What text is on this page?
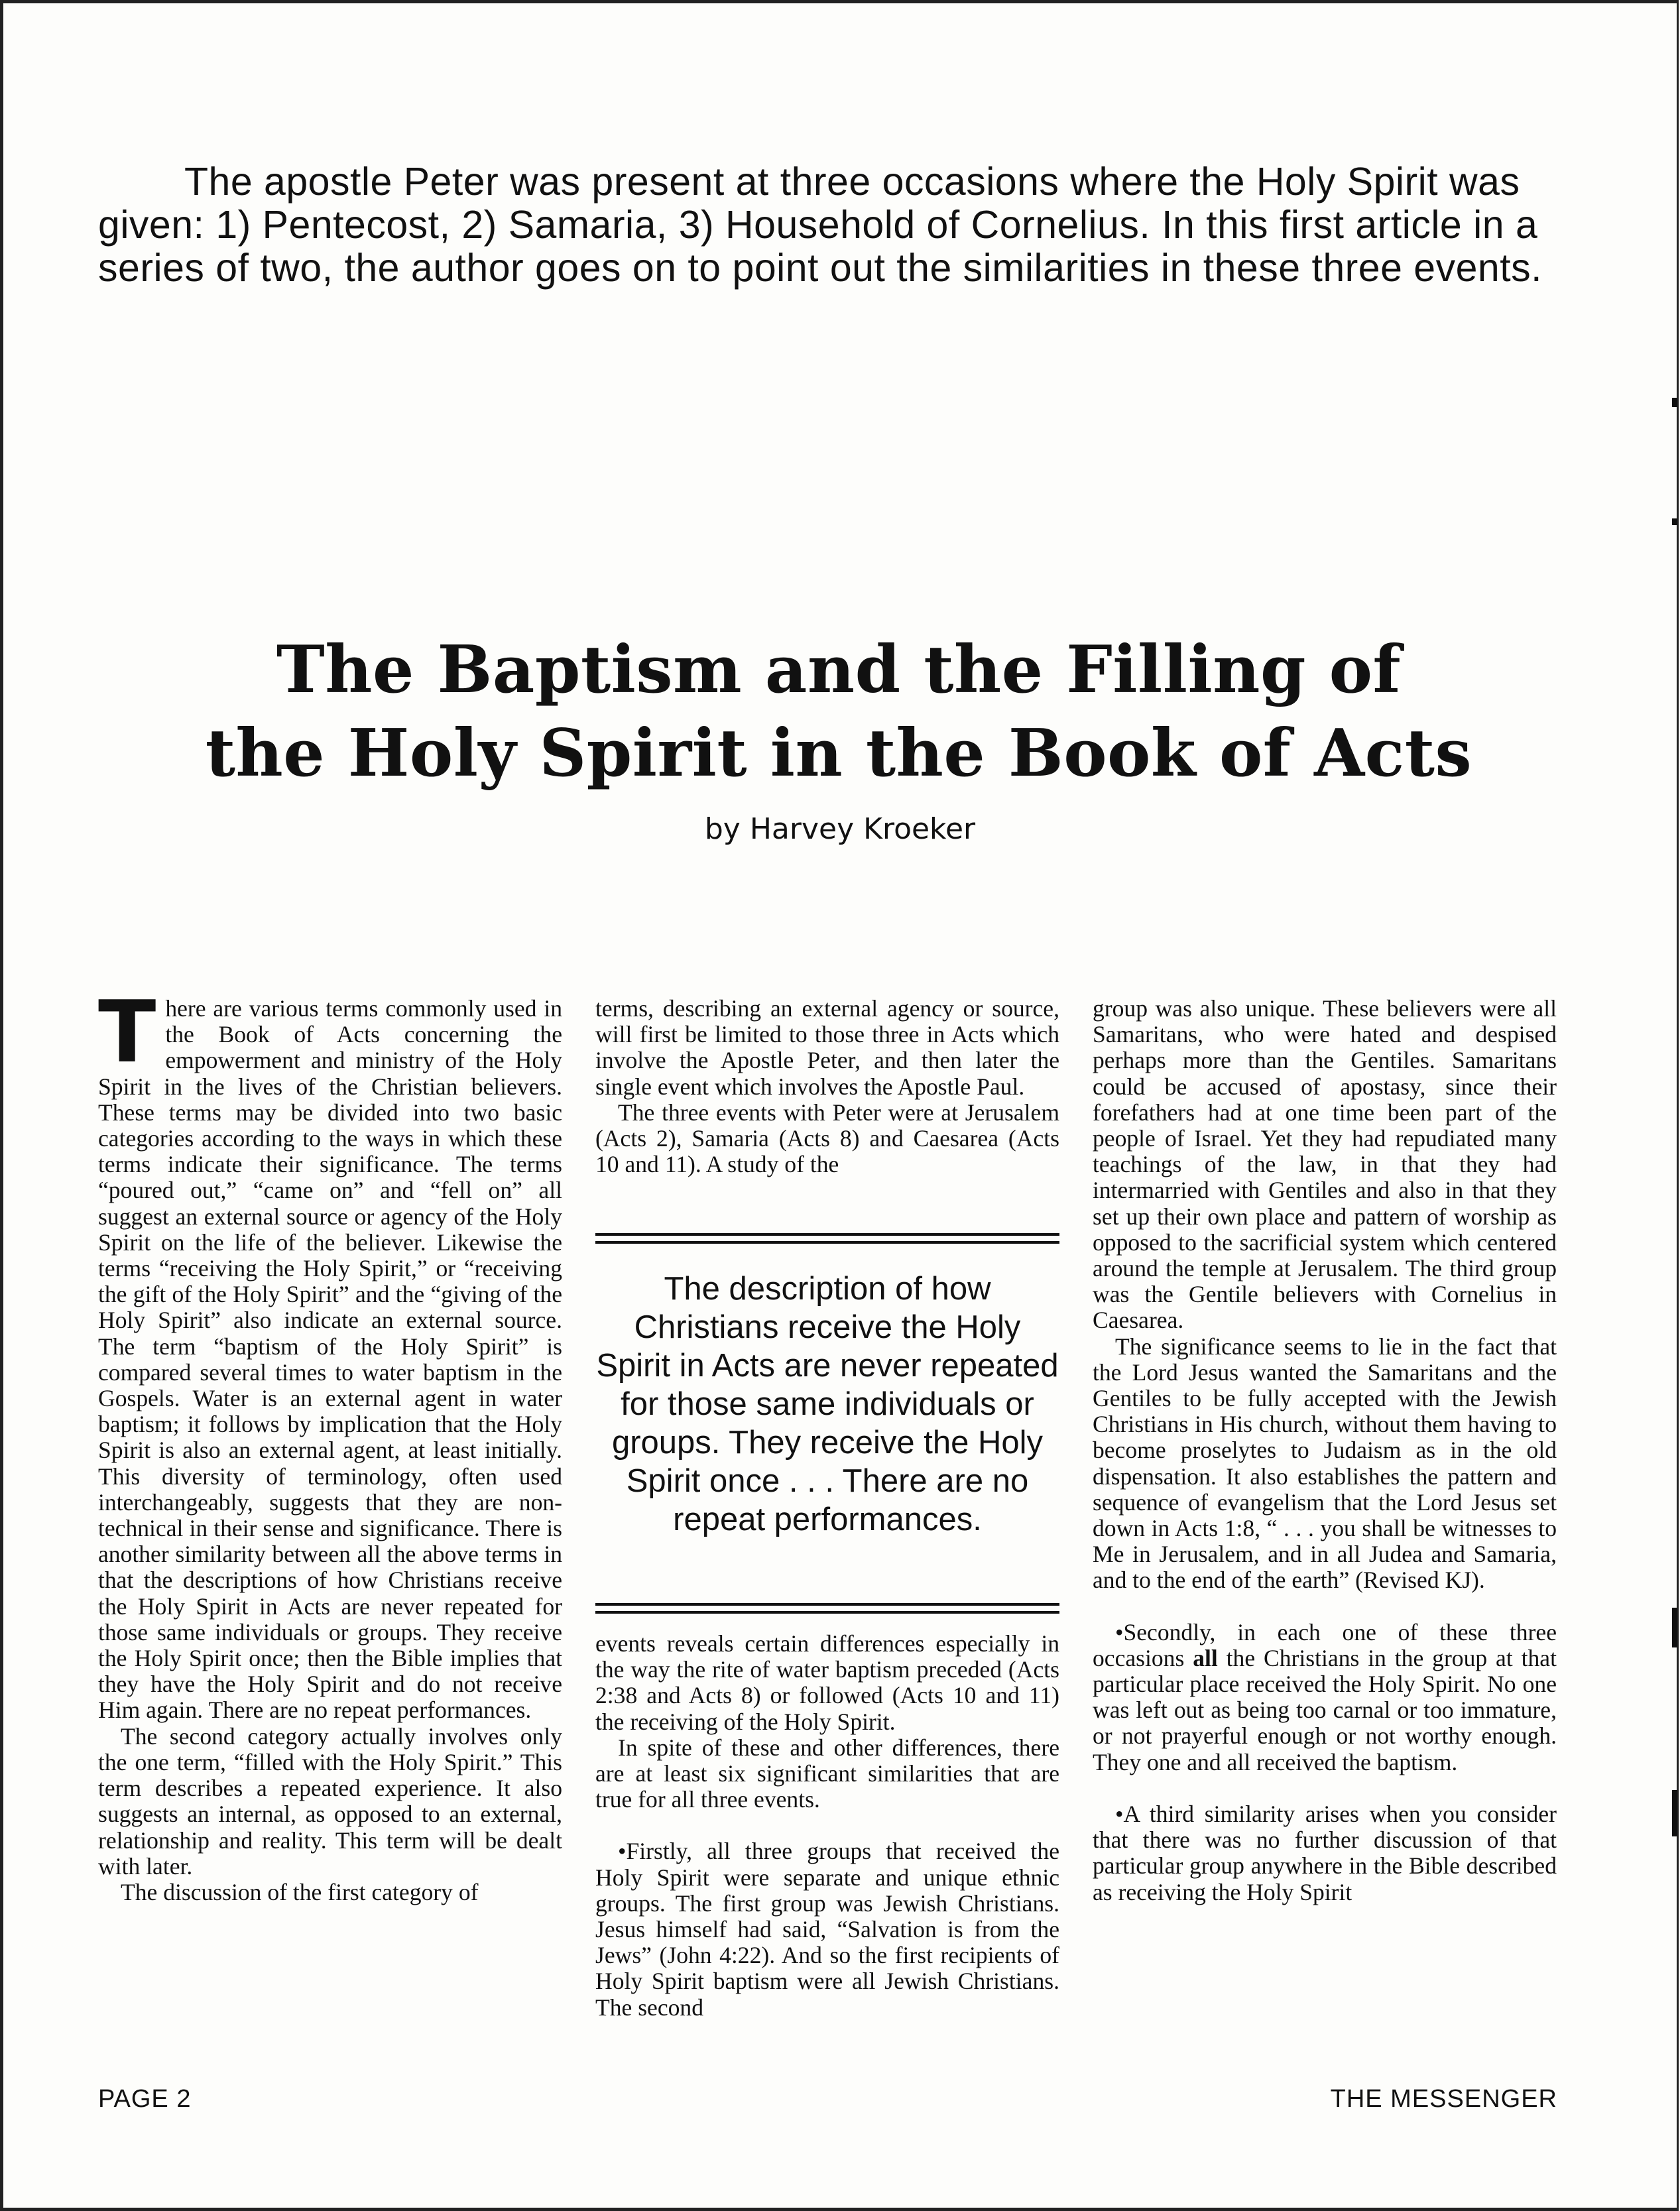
The apostle Peter was present at three occasions where the Holy Spirit was given: 1) Pentecost, 2) Samaria, 3) Household of Cornelius. In this first article in a series of two, the author goes on to point out the similarities in these three events.

The Baptism and the Filling of
the Holy Spirit in the Book of Acts
by Harvey Kroeker

There are various terms commonly used in the Book of Acts concerning the empowerment and ministry of the Holy Spirit in the lives of the Christian believers. These terms may be divided into two basic categories according to the ways in which these terms indicate their significance. The terms “poured out,” “came on” and “fell on” all suggest an external source or agency of the Holy Spirit on the life of the believer. Likewise the terms “receiving the Holy Spirit,” or “receiving the gift of the Holy Spirit” and the “giving of the Holy Spirit” also indicate an external source. The term “baptism of the Holy Spirit” is compared several times to water baptism in the Gospels. Water is an external agent in water baptism; it follows by implication that the Holy Spirit is also an external agent, at least initially. This diversity of terminology, often used interchangeably, suggests that they are non-technical in their sense and significance. There is another similarity between all the above terms in that the descriptions of how Christians receive the Holy Spirit in Acts are never repeated for those same individuals or groups. They receive the Holy Spirit once; then the Bible implies that they have the Holy Spirit and do not receive Him again. There are no repeat performances.

The second category actually involves only the one term, “filled with the Holy Spirit.” This term describes a repeated experience. It also suggests an internal, as opposed to an external, relationship and reality. This term will be dealt with later.

The discussion of the first category of

terms, describing an external agency or source, will first be limited to those three in Acts which involve the Apostle Peter, and then later the single event which involves the Apostle Paul.

The three events with Peter were at Jerusalem (Acts 2), Samaria (Acts 8) and Caesarea (Acts 10 and 11). A study of the

The description of how Christians receive the Holy Spirit in Acts are never repeated for those same individuals or groups. They receive the Holy Spirit once . . . There are no repeat performances.

events reveals certain differences especially in the way the rite of water baptism preceded (Acts 2:38 and Acts 8) or followed (Acts 10 and 11) the receiving of the Holy Spirit.

In spite of these and other differences, there are at least six significant similarities that are true for all three events.

•Firstly, all three groups that received the Holy Spirit were separate and unique ethnic groups. The first group was Jewish Christians. Jesus himself had said, “Salvation is from the Jews” (John 4:22). And so the first recipients of Holy Spirit baptism were all Jewish Christians. The second

group was also unique. These believers were all Samaritans, who were hated and despised perhaps more than the Gentiles. Samaritans could be accused of apostasy, since their forefathers had at one time been part of the people of Israel. Yet they had repudiated many teachings of the law, in that they had intermarried with Gentiles and also in that they set up their own place and pattern of worship as opposed to the sacrificial system which centered around the temple at Jerusalem. The third group was the Gentile believers with Cornelius in Caesarea.

The significance seems to lie in the fact that the Lord Jesus wanted the Samaritans and the Gentiles to be fully accepted with the Jewish Christians in His church, without them having to become proselytes to Judaism as in the old dispensation. It also establishes the pattern and sequence of evangelism that the Lord Jesus set down in Acts 1:8, “ . . . you shall be witnesses to Me in Jerusalem, and in all Judea and Samaria, and to the end of the earth” (Revised KJ).

•Secondly, in each one of these three occasions all the Christians in the group at that particular place received the Holy Spirit. No one was left out as being too carnal or too immature, or not prayerful enough or not worthy enough. They one and all received the baptism.

•A third similarity arises when you consider that there was no further discussion of that particular group anywhere in the Bible described as receiving the Holy Spirit

PAGE 2	THE MESSENGER
